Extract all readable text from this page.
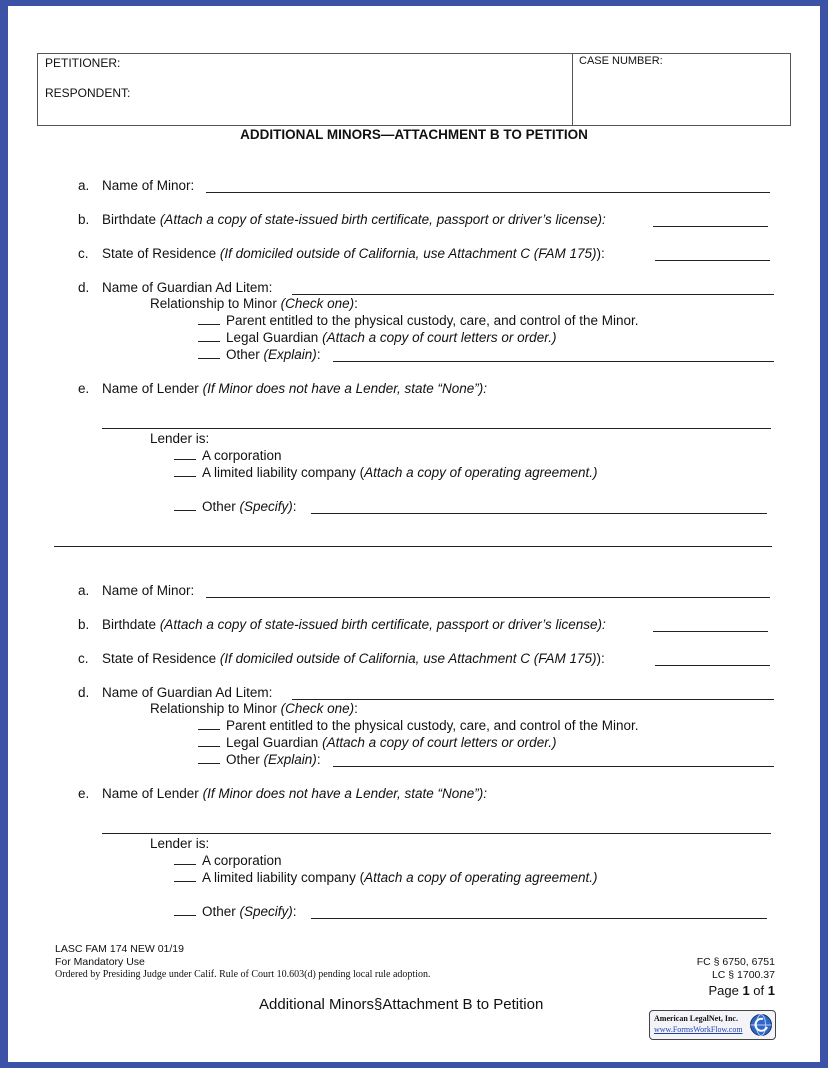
PETITIONER:
RESPONDENT:
CASE NUMBER:
ADDITIONAL MINORS—ATTACHMENT B TO PETITION
a. Name of Minor:
b. Birthdate (Attach a copy of state-issued birth certificate, passport or driver’s license):
c. State of Residence (If domiciled outside of California, use Attachment C (FAM 175)):
d. Name of Guardian Ad Litem:
Relationship to Minor (Check one):
Parent entitled to the physical custody, care, and control of the Minor.
Legal Guardian (Attach a copy of court letters or order.)
Other (Explain):
e. Name of Lender (If Minor does not have a Lender, state “None”):
Lender is:
A corporation
A limited liability company (Attach a copy of operating agreement.)
Other (Specify):
a. Name of Minor:
b. Birthdate (Attach a copy of state-issued birth certificate, passport or driver’s license):
c. State of Residence (If domiciled outside of California, use Attachment C (FAM 175)):
d. Name of Guardian Ad Litem:
Relationship to Minor (Check one):
Parent entitled to the physical custody, care, and control of the Minor.
Legal Guardian (Attach a copy of court letters or order.)
Other (Explain):
e. Name of Lender (If Minor does not have a Lender, state “None”):
Lender is:
A corporation
A limited liability company (Attach a copy of operating agreement.)
Other (Specify):
LASC FAM 174 NEW 01/19
For Mandatory Use
Ordered by Presiding Judge under Calif. Rule of Court 10.603(d) pending local rule adoption.
FC § 6750, 6751
LC § 1700.37
Page 1 of 1
Additional Minors§Attachment B to Petition
American LegalNet, Inc.
www.FormsWorkFlow.com
